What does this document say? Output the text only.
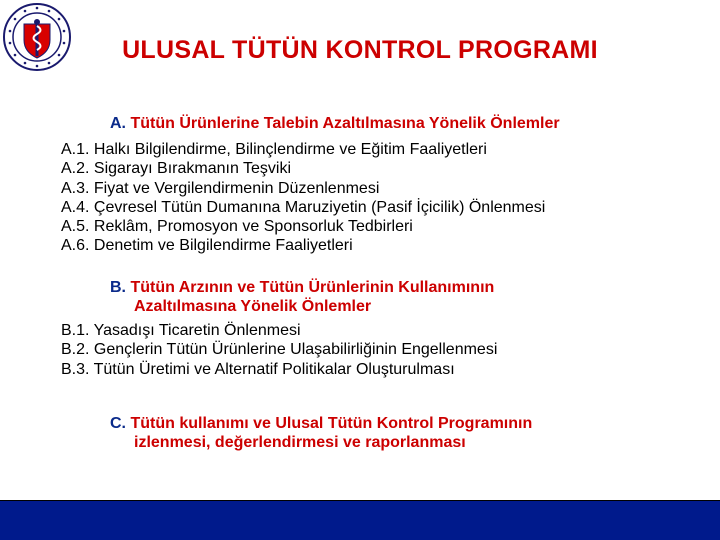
ULUSAL TÜTÜN KONTROL PROGRAMI
A. Tütün Ürünlerine Talebin Azaltılmasına Yönelik Önlemler
A.1. Halkı Bilgilendirme, Bilinçlendirme ve Eğitim Faaliyetleri
A.2. Sigarayı Bırakmanın Teşviki
A.3. Fiyat ve Vergilendirmenin Düzenlenmesi
A.4. Çevresel Tütün Dumanına Maruziyetin (Pasif İçicilik) Önlenmesi
A.5. Reklâm, Promosyon ve Sponsorluk Tedbirleri
A.6. Denetim ve Bilgilendirme Faaliyetleri
B. Tütün Arzının ve Tütün Ürünlerinin Kullanımının
Azaltılmasına Yönelik Önlemler
B.1. Yasadışı Ticaretin Önlenmesi
B.2. Gençlerin Tütün Ürünlerine Ulaşabilirliğinin Engellenmesi
B.3. Tütün Üretimi ve Alternatif Politikalar Oluşturulması
C. Tütün kullanımı ve Ulusal Tütün Kontrol Programının
izlenmesi, değerlendirmesi ve raporlanması
